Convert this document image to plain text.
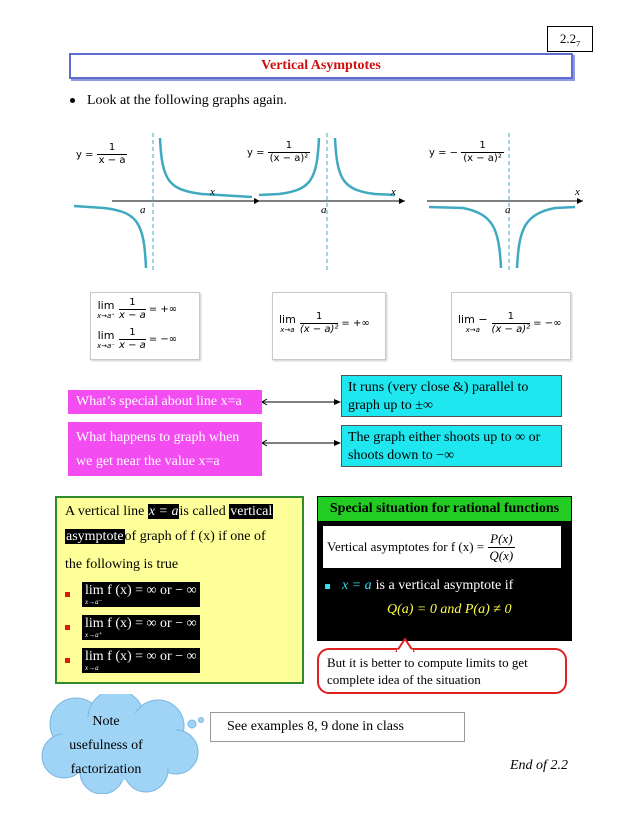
$2.2_7$
Vertical Asymptotes
Look at the following graphs again.
$y = \frac{1}{x - a}$
x
a
$y = \frac{1}{\text{(x − a)²}}$
x
a
y = − $\frac{1}{\text{(x − a)²}}$
x
a
lim
$x\to a^+ \frac{1}{x - a}$ = +∞
lim
$x\to a^- \frac{1}{x - a}$ = −∞
lim
$x\to a \frac{1}{\text{(x − a)²}}$ = +∞	lim −
x→a	$\frac{1}{\text{(x − a)²}}$ = −∞
What’s special about line x=a
What happens to graph when
we get near the value x=a
It runs (very close &) parallel to
graph up to ±∞
The graph either shoots up to ∞ or
shoots down to −∞
A vertical line x = ais called vertical
asymptoteof graph of f (x) if one of
the following is true
lim f (x) = ∞ or − ∞
x→a⁻
lim f (x) = ∞ or − ∞
x→a⁺
lim f (x) = ∞ or − ∞
x→a
Special situation for rational functions
Vertical asymptotes for f $(x) = \frac{P(x)}{Q(x)}$
x = a is a vertical asymptote if
Q(a) = 0 and P(a) ≠ 0
But it is better to compute limits to get
complete idea of the situation
Note
usefulness of
factorization
See examples 8, 9 done in class
End of 2.2
